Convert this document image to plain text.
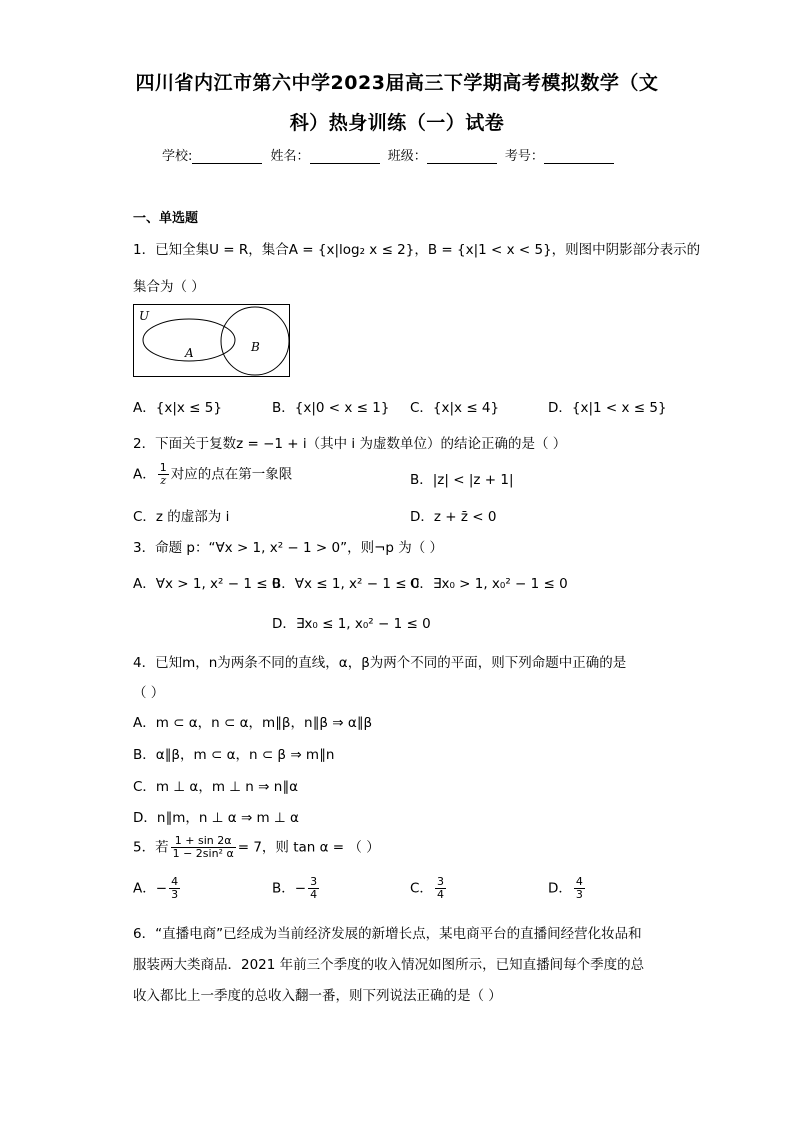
四川省内江市第六中学2023届高三下学期高考模拟数学（文
科）热身训练（一）试卷
学校:	姓名：	班级：	考号：
一、单选题
1．已知全集U = R，集合A = {x|log₂ x ≤ 2}，B = {x|1 < x < 5}，则图中阴影部分表示的
集合为（ ）
U
A	B
A．{x|x ≤ 5}	B．{x|0 < x ≤ 1} C．{x|x ≤ 4}	D．{x|1 < x ≤ 5}
2．下面关于复数z = −1 + i（其中 i 为虚数单位）的结论正确的是（ ）
A． $\frac{1}{z}$ 对应的点在第一象限	B．|z| < |z + 1|
C．z 的虚部为 i	D．z + z̄ < 0
3．命题 p：“∀x > 1, x² − 1 > 0”，则¬p 为（ ）
A．∀x > 1, x² − 1 ≤ 0
B．∀x ≤ 1, x² − 1 ≤ 0
C．∃x₀ > 1, x₀² − 1 ≤ 0
D．∃x₀ ≤ 1, x₀² − 1 ≤ 0
4．已知m，n为两条不同的直线，α，β为两个不同的平面，则下列命题中正确的是
（ ）
A．m ⊂ α，n ⊂ α，m∥β，n∥β ⇒ α∥β
B．α∥β，m ⊂ α，n ⊂ β ⇒ m∥n
C．m ⊥ α，m ⊥ n ⇒ n∥α
D．n∥m，n ⊥ α ⇒ m ⊥ α
5．若 $\frac{1 + \sin 2\alpha}{\text{1 − 2sin² α}} = 7$，则 tan α = （ ）
A．− $\frac{4}{3}$	B．− $\frac{3}{4}$	C． $\frac{3}{4}$	D． $\frac{4}{3}$
6．“直播电商”已经成为当前经济发展的新增长点，某电商平台的直播间经营化妆品和
服装两大类商品．2021 年前三个季度的收入情况如图所示，已知直播间每个季度的总
收入都比上一季度的总收入翻一番，则下列说法正确的是（ ）
